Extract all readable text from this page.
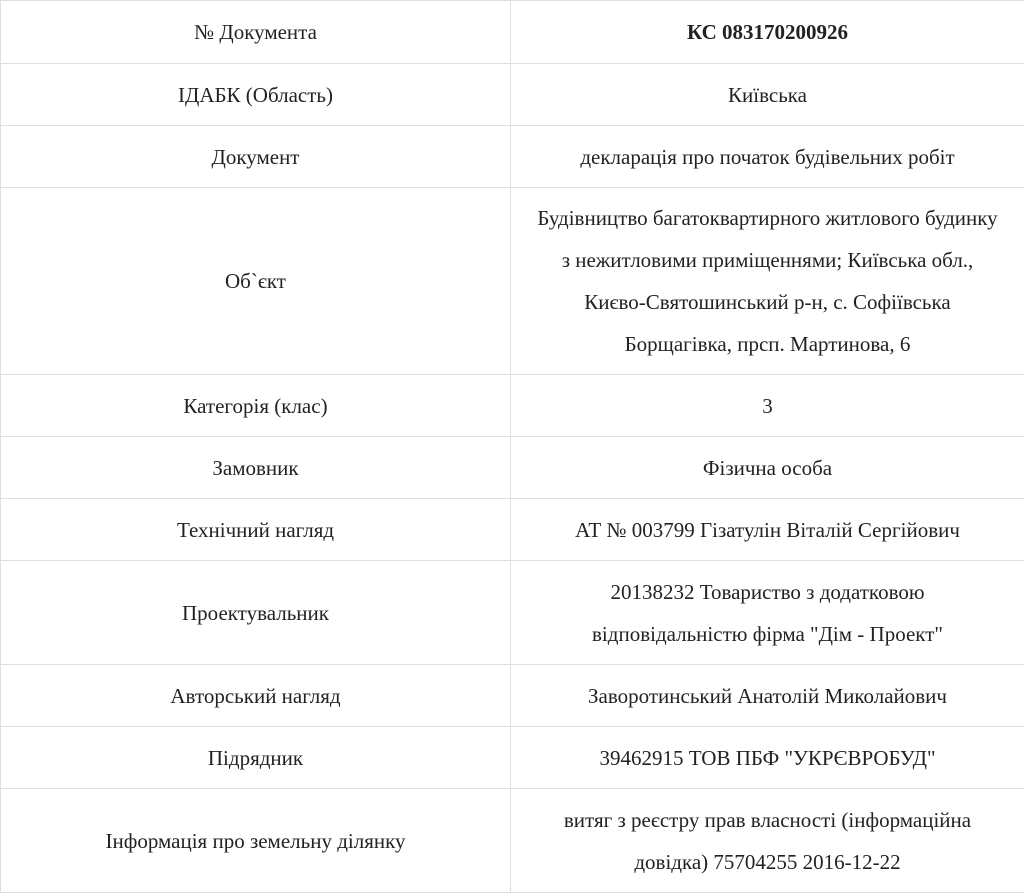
№ Документа	КС 083170200926
ІДАБК (Область)	Київська
Документ	декларація про початок будівельних робіт
Об`єкт	Будівництво багатоквартирного житлового будинку з нежитловими приміщеннями; Київська обл., Києво-Святошинський р-н, с. Софіївська Борщагівка, прсп. Мартинова, 6
Категорія (клас)	3
Замовник	Фізична особа
Технічний нагляд	АТ № 003799 Гізатулін Віталій Сергійович
Проектувальник	20138232 Товариство з додатковою відповідальністю фірма "Дім - Проект"
Авторський нагляд	Заворотинський Анатолій Миколайович
Підрядник	39462915 ТОВ ПБФ "УКРЄВРОБУД"
Інформація про земельну ділянку	витяг з реєстру прав власності (інформаційна довідка) 75704255 2016-12-22
